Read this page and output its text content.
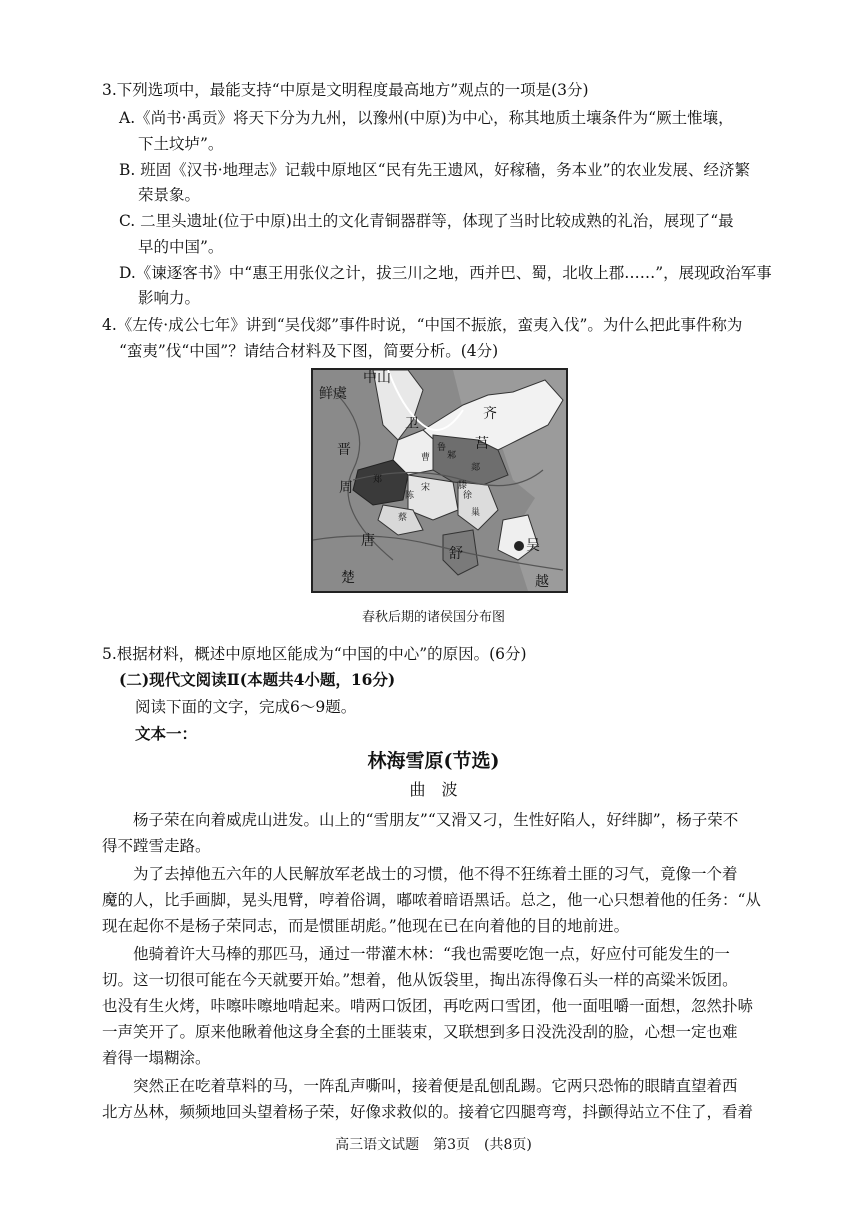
3.下列选项中，最能支持“中原是文明程度最高地方”观点的一项是(3分)
A.《尚书·禹贡》将天下分为九州，以豫州(中原)为中心，称其地质土壤条件为“厥土惟壤，
下土坟垆”。
B. 班固《汉书·地理志》记载中原地区“民有先王遗风，好稼穑，务本业”的农业发展、经济繁
荣景象。
C. 二里头遗址(位于中原)出土的文化青铜器群等，体现了当时比较成熟的礼治，展现了“最
早的中国”。
D.《谏逐客书》中“惠王用张仪之计，拔三川之地，西并巴、蜀，北收上郡……”，展现政治军事
影响力。
4.《左传·成公七年》讲到“吴伐郯”事件时说，“中国不振旅，蛮夷入伐”。为什么把此事件称为
“蛮夷”伐“中国”？请结合材料及下图，简要分析。(4分)
中山
鲜虞
卫
齐
晋	鲁 莒
曹 邾
郯
滕
周 郑
宋
陈	徐
蔡	巢
唐
舒	吴
楚	越
春秋后期的诸侯国分布图
5.根据材料，概述中原地区能成为“中国的中心”的原因。(6分)
(二)现代文阅读Ⅱ(本题共4小题，16分)
阅读下面的文字，完成6～9题。
文本一：
林海雪原(节选)
曲　波
杨子荣在向着威虎山进发。山上的“雪朋友”“又滑又刁，生性好陷人，好绊脚”，杨子荣不
得不蹚雪走路。
为了去掉他五六年的人民解放军老战士的习惯，他不得不狂练着土匪的习气，竟像一个着
魔的人，比手画脚，晃头甩臂，哼着俗调，嘟哝着暗语黑话。总之，他一心只想着他的任务：“从
现在起你不是杨子荣同志，而是惯匪胡彪。”他现在已在向着他的目的地前进。
他骑着许大马棒的那匹马，通过一带灌木林：“我也需要吃饱一点，好应付可能发生的一
切。这一切很可能在今天就要开始。”想着，他从饭袋里，掏出冻得像石头一样的高粱米饭团。
也没有生火烤，咔嚓咔嚓地啃起来。啃两口饭团，再吃两口雪团，他一面咀嚼一面想，忽然扑哧
一声笑开了。原来他瞅着他这身全套的土匪装束，又联想到多日没洗没刮的脸，心想一定也难
着得一塌糊涂。
突然正在吃着草料的马，一阵乱声嘶叫，接着便是乱刨乱踢。它两只恐怖的眼睛直望着西
北方丛林，频频地回头望着杨子荣，好像求救似的。接着它四腿弯弯，抖颤得站立不住了，看着
高三语文试题　第3页　(共8页)
